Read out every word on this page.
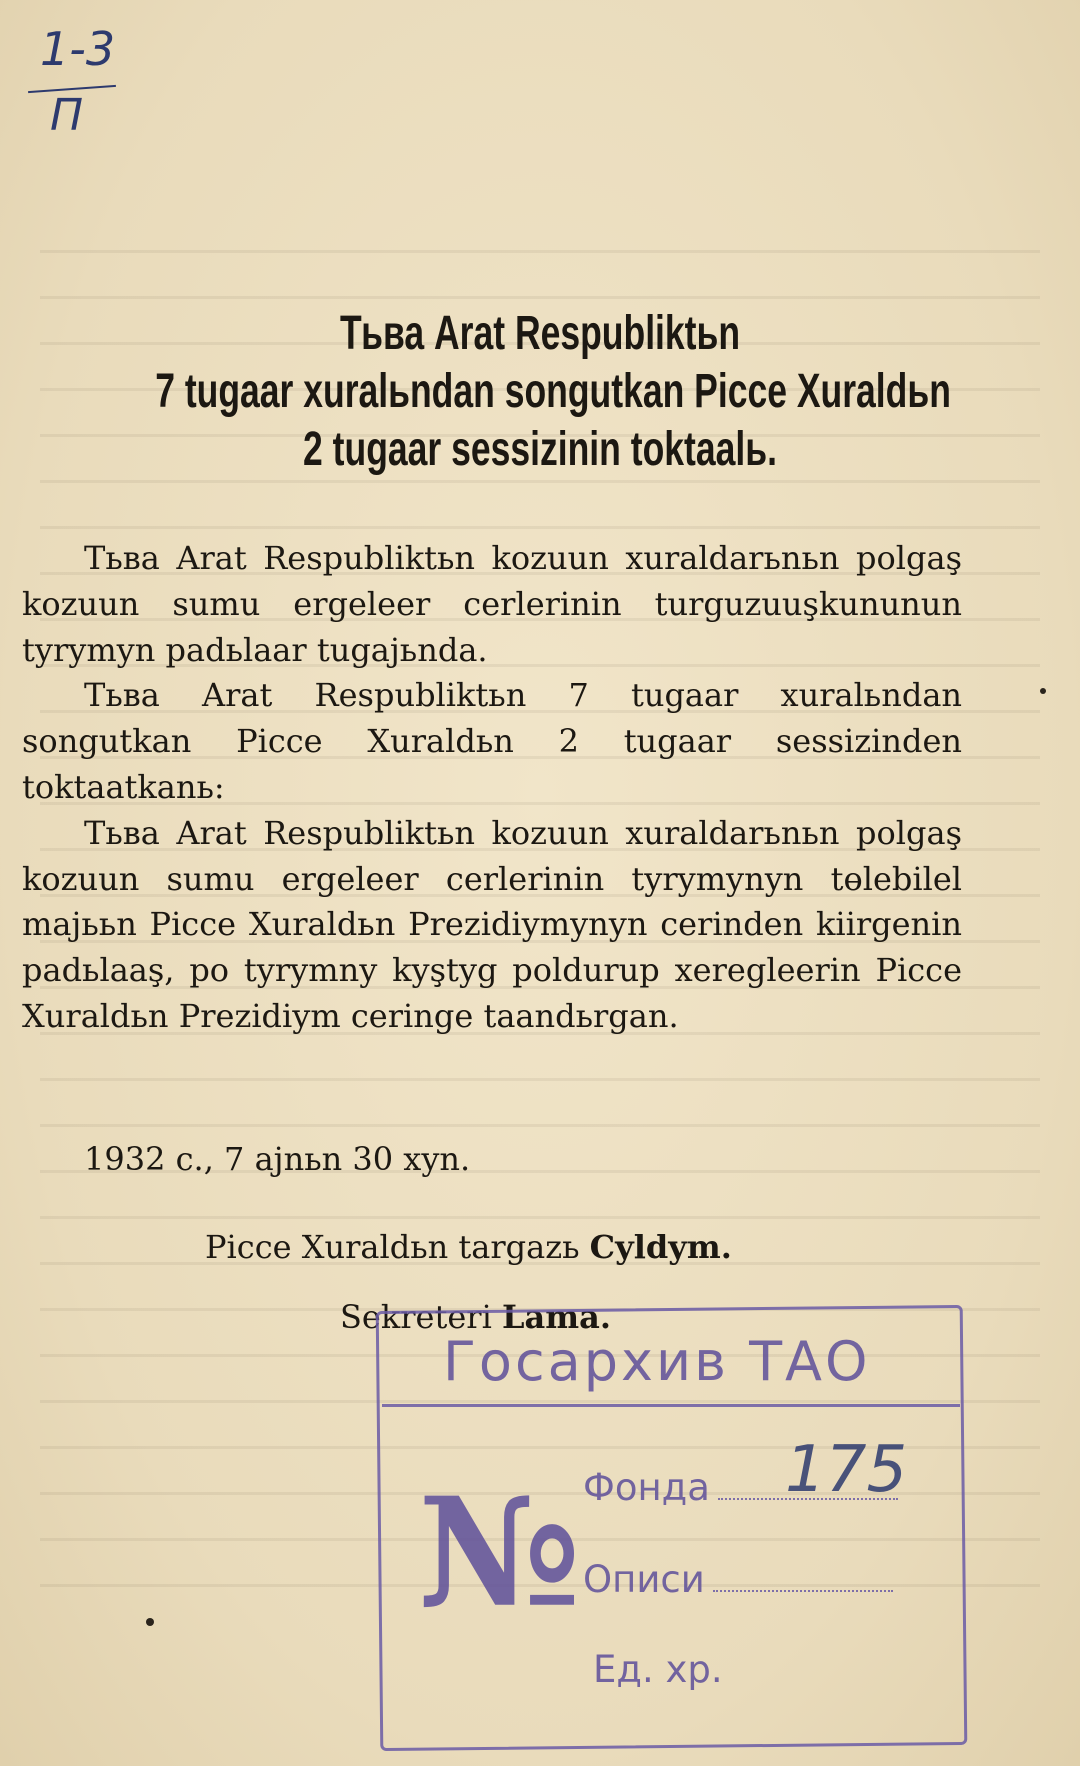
1-3
П
Тьва Arat Respubliktьn
7 tugaar xuralьndan songutkan Picce Xuraldьn
2 tugaar sessizinin toktaalь.

Тьва Arat Respubliktьn kozuun xuraldarьnьn polgaş kozuun sumu ergeleer cerlerinin turguzuuşkununun tyrymyn padьlaar tugajьnda.

Тьва Arat Respubliktьn 7 tugaar xuralьndan songutkan Picce Xuraldьn 2 tugaar sessizinden toktaatkanь:

Тьва Arat Respubliktьn kozuun xuraldarьnьn polgaş kozuun sumu ergeleer cerlerinin tyrymynyn tөlebilel majььn Picce Xuraldьn Prezidiymynyn cerinden kiirgenin padьlaaş, po tyrymny kyştyg poldurup xeregleerin Picce Xuraldьn Prezidiym ceringe taandьrgan.

1932 c., 7 ajnьn 30 xyn.
Picce Xuraldьn targazь Cyldym.
Sekreteri Lama.
Госархив ТАО
№ Фонда	175
Описи
Ед. хр.
